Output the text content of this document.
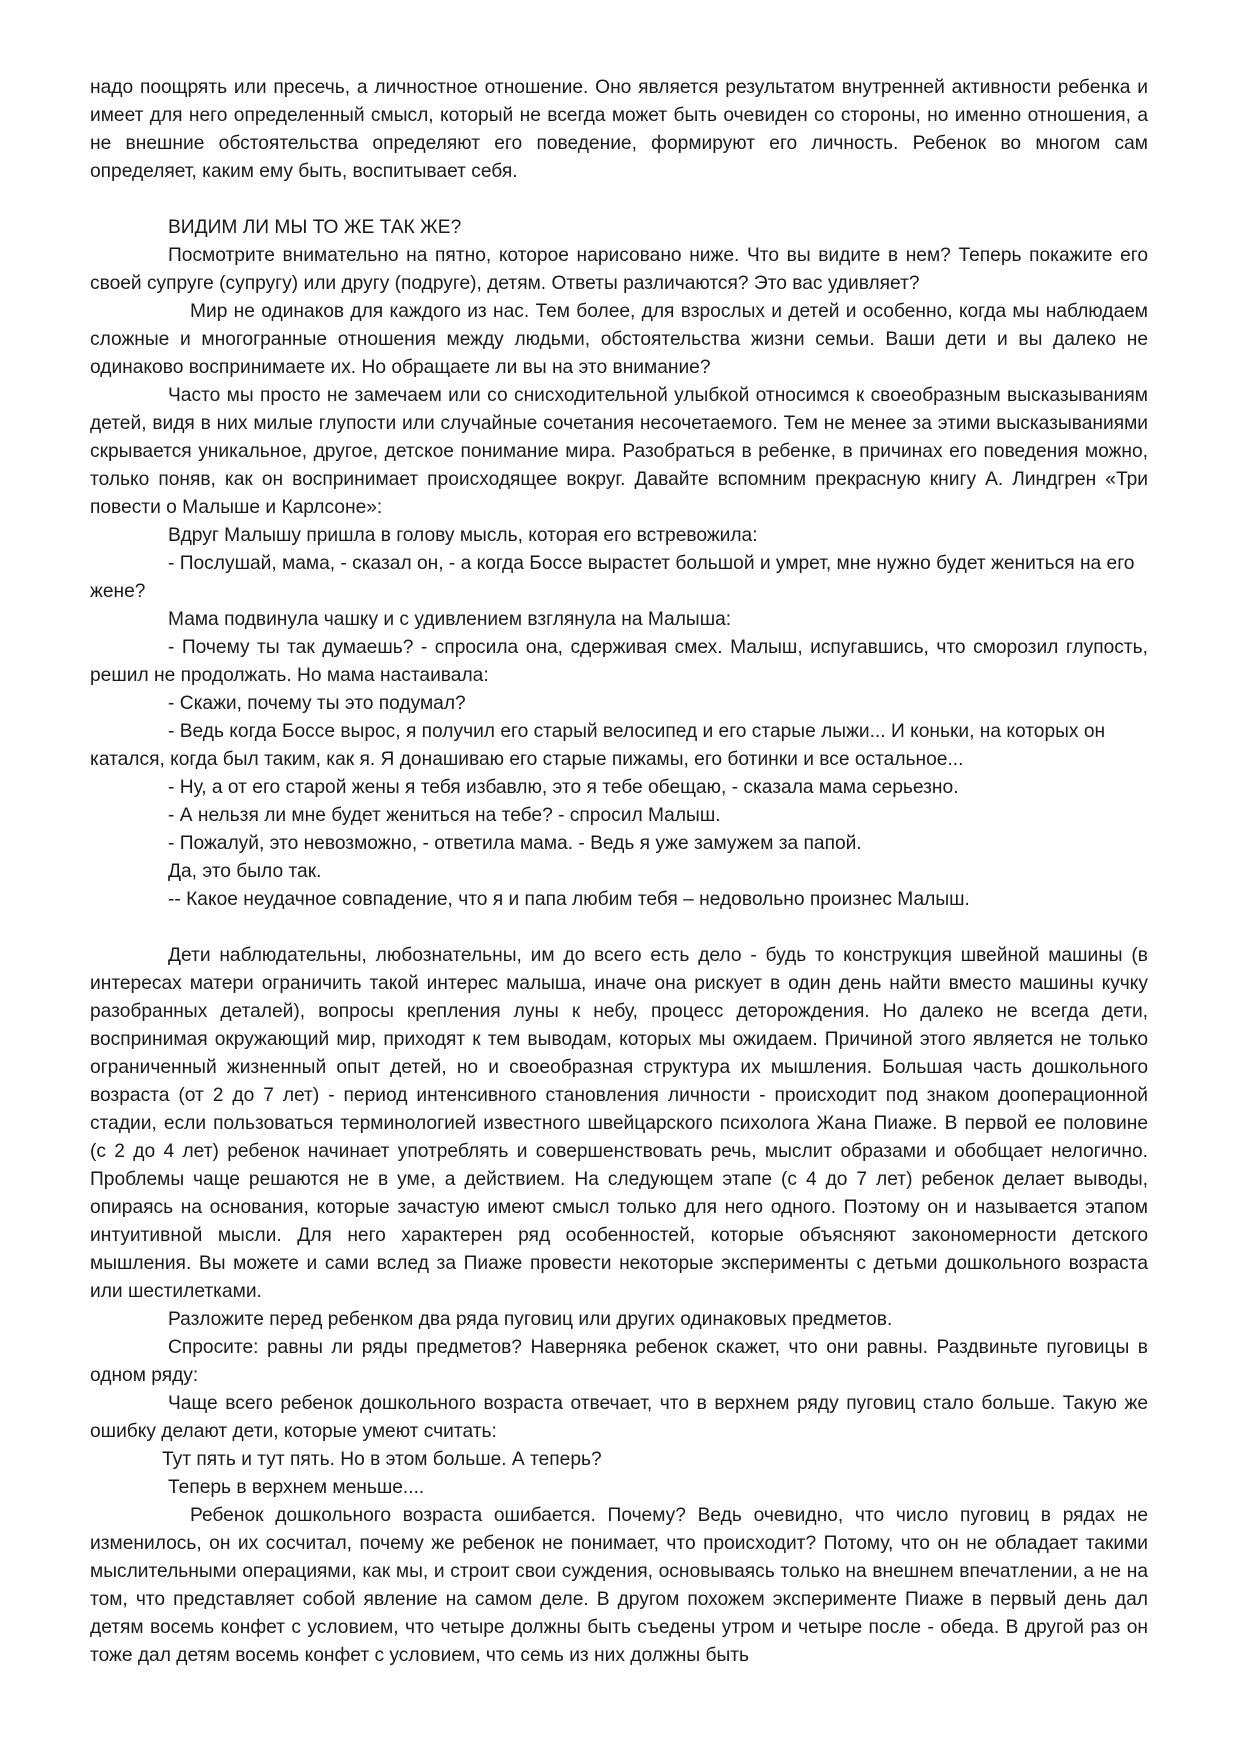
надо поощрять или пресечь, а личностное отношение. Оно является результатом внутренней активности ребенка и имеет для него определенный смысл, который не всегда может быть очевиден со стороны, но именно отношения, а не внешние обстоятельства определяют его поведение, формируют его личность. Ребенок во многом сам определяет, каким ему быть, воспитывает себя.

ВИДИМ ЛИ МЫ ТО ЖЕ ТАК ЖЕ?

Посмотрите внимательно на пятно, которое нарисовано ниже. Что вы видите в нем? Теперь покажите его своей супруге (супругу) или другу (подруге), детям. Ответы различаются? Это вас удивляет?

Мир не одинаков для каждого из нас. Тем более, для взрослых и детей и особенно, когда мы наблюдаем сложные и многогранные отношения между людьми, обстоятельства жизни семьи. Ваши дети и вы далеко не одинаково воспринимаете их. Но обращаете ли вы на это внимание?

Часто мы просто не замечаем или со снисходительной улыбкой относимся к своеобразным высказываниям детей, видя в них милые глупости или случайные сочетания несочетаемого. Тем не менее за этими высказываниями скрывается уникальное, другое, детское понимание мира. Разобраться в ребенке, в причинах его поведения можно, только поняв, как он воспринимает происходящее вокруг. Давайте вспомним прекрасную книгу А. Линдгрен «Три повести о Малыше и Карлсоне»:

Вдруг Малышу пришла в голову мысль, которая его встревожила:

- Послушай, мама, - сказал он, - а когда Боссе вырастет большой и умрет, мне нужно будет жениться на его жене?

Мама подвинула чашку и с удивлением взглянула на Малыша:

- Почему ты так думаешь? - спросила она, сдерживая смех. Малыш, испугавшись, что сморозил глупость, решил не продолжать. Но мама настаивала:

- Скажи, почему ты это подумал?

- Ведь когда Боссе вырос, я получил его старый велосипед и его старые лыжи... И коньки, на которых он катался, когда был таким, как я. Я донашиваю его старые пижамы, его ботинки и все остальное...

- Ну, а от его старой жены я тебя избавлю, это я тебе обещаю, - сказала мама серьезно.

- А нельзя ли мне будет жениться на тебе? - спросил Малыш.

- Пожалуй, это невозможно, - ответила мама. - Ведь я уже замужем за папой.

Да, это было так.

-- Какое неудачное совпадение, что я и папа любим тебя – недовольно произнес Малыш.

Дети наблюдательны, любознательны, им до всего есть дело - будь то конструкция швейной машины (в интересах матери ограничить такой интерес малыша, иначе она рискует в один день найти вместо машины кучку разобранных деталей), вопросы крепления луны к небу, процесс деторождения. Но далеко не всегда дети, воспринимая окружающий мир, приходят к тем выводам, которых мы ожидаем. Причиной этого является не только ограниченный жизненный опыт детей, но и своеобразная структура их мышления. Большая часть дошкольного возраста (от 2 до 7 лет) - период интенсивного становления личности - происходит под знаком дооперационной стадии, если пользоваться терминологией известного швейцарского психолога Жана Пиаже. В первой ее половине (с 2 до 4 лет) ребенок начинает употреблять и совершенствовать речь, мыслит образами и обобщает нелогично. Проблемы чаще решаются не в уме, а действием. На следующем этапе (с 4 до 7 лет) ребенок делает выводы, опираясь на основания, которые зачастую имеют смысл только для него одного. Поэтому он и называется этапом интуитивной мысли. Для него характерен ряд особенностей, которые объясняют закономерности детского мышления. Вы можете и сами вслед за Пиаже провести некоторые эксперименты с детьми дошкольного возраста или шестилетками.

Разложите перед ребенком два ряда пуговиц или других одинаковых предметов.

Спросите: равны ли ряды предметов? Наверняка ребенок скажет, что они равны. Раздвиньте пуговицы в одном ряду:

Чаще всего ребенок дошкольного возраста отвечает, что в верхнем ряду пуговиц стало больше. Такую же ошибку делают дети, которые умеют считать:

Тут пять и тут пять. Но в этом больше. А теперь?

Теперь в верхнем меньше....

Ребенок дошкольного возраста ошибается. Почему? Ведь очевидно, что число пуговиц в рядах не изменилось, он их сосчитал, почему же ребенок не понимает, что происходит? Потому, что он не обладает такими мыслительными операциями, как мы, и строит свои суждения, основываясь только на внешнем впечатлении, а не на том, что представляет собой явление на самом деле. В другом похожем эксперименте Пиаже в первый день дал детям восемь конфет с условием, что четыре должны быть съедены утром и четыре после - обеда. В другой раз он тоже дал детям восемь конфет с условием, что семь из них должны быть
